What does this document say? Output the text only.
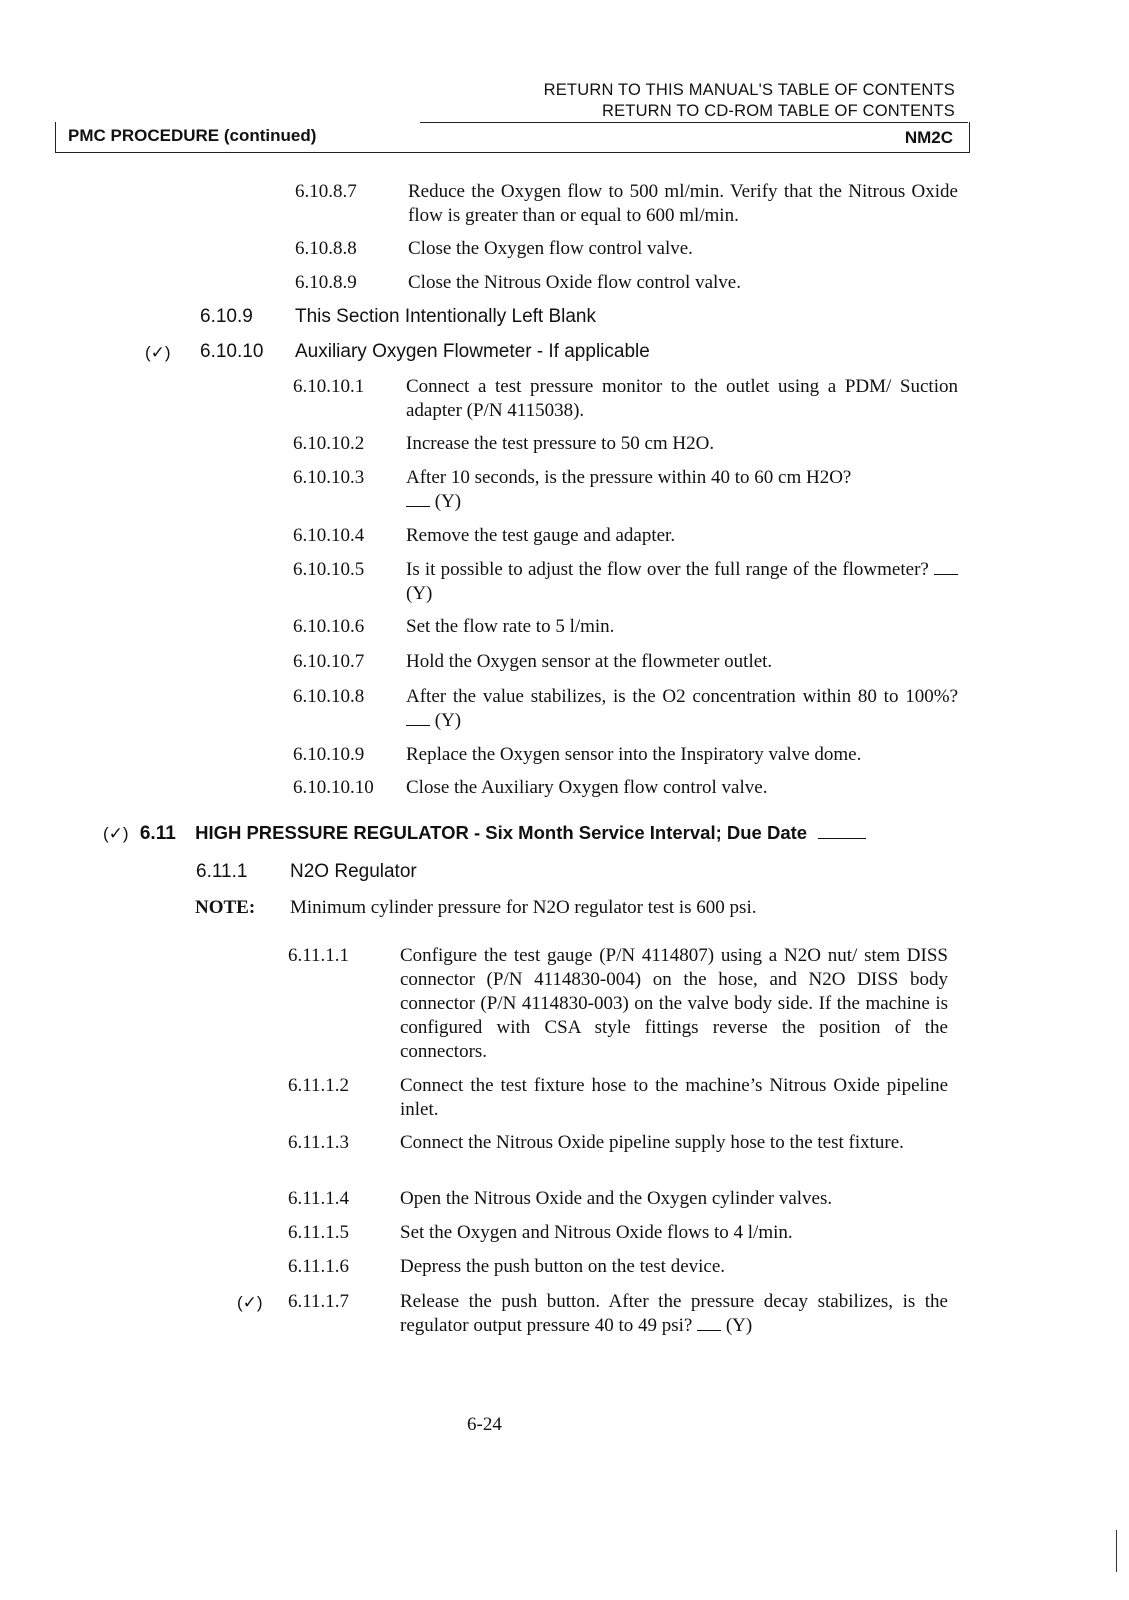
RETURN TO THIS MANUAL'S TABLE OF CONTENTS
RETURN TO CD-ROM TABLE OF CONTENTS
PMC PROCEDURE (continued)	NM2C
6.10.8.7	Reduce the Oxygen flow to 500 ml/min. Verify that the Nitrous Oxide flow is greater than or equal to 600 ml/min.
6.10.8.8	Close the Oxygen flow control valve.
6.10.8.9	Close the Nitrous Oxide flow control valve.
6.10.9 This Section Intentionally Left Blank
(✓) 6.10.10 Auxiliary Oxygen Flowmeter - If applicable
6.10.10.1 Connect a test pressure monitor to the outlet using a PDM/ Suction adapter (P/N 4115038).
6.10.10.2 Increase the test pressure to 50 cm H2O.
6.10.10.3 After 10 seconds, is the pressure within 40 to 60 cm H2O?
(Y)
6.10.10.4 Remove the test gauge and adapter.
6.10.10.5 Is it possible to adjust the flow over the full range of the flowmeter?  (Y)
6.10.10.6 Set the flow rate to 5 l/min.
6.10.10.7 Hold the Oxygen sensor at the flowmeter outlet.
6.10.10.8 After the value stabilizes, is the O2 concentration within 80 to 100%?  (Y)
6.10.10.9 Replace the Oxygen sensor into the Inspiratory valve dome.
6.10.10.10 Close the Auxiliary Oxygen flow control valve.
(✓) 6.11 HIGH PRESSURE REGULATOR - Six Month Service Interval; Due Date
6.11.1 N2O Regulator
NOTE: Minimum cylinder pressure for N2O regulator test is 600 psi.
6.11.1.1	Configure the test gauge (P/N 4114807) using a N2O nut/ stem DISS connector (P/N 4114830-004) on the hose, and N2O DISS body connector (P/N 4114830-003) on the valve body side. If the machine is configured with CSA style fittings reverse the position of the connectors.
6.11.1.2	Connect the test fixture hose to the machine’s Nitrous Oxide pipeline inlet.
6.11.1.3	Connect the Nitrous Oxide pipeline supply hose to the test fixture.
6.11.1.4	Open the Nitrous Oxide and the Oxygen cylinder valves.
6.11.1.5	Set the Oxygen and Nitrous Oxide flows to 4 l/min.
6.11.1.6	Depress the push button on the test device.
(✓) 6.11.1.7	Release the push button. After the pressure decay stabilizes, is the regulator output pressure 40 to 49 psi? (Y)
6-24
